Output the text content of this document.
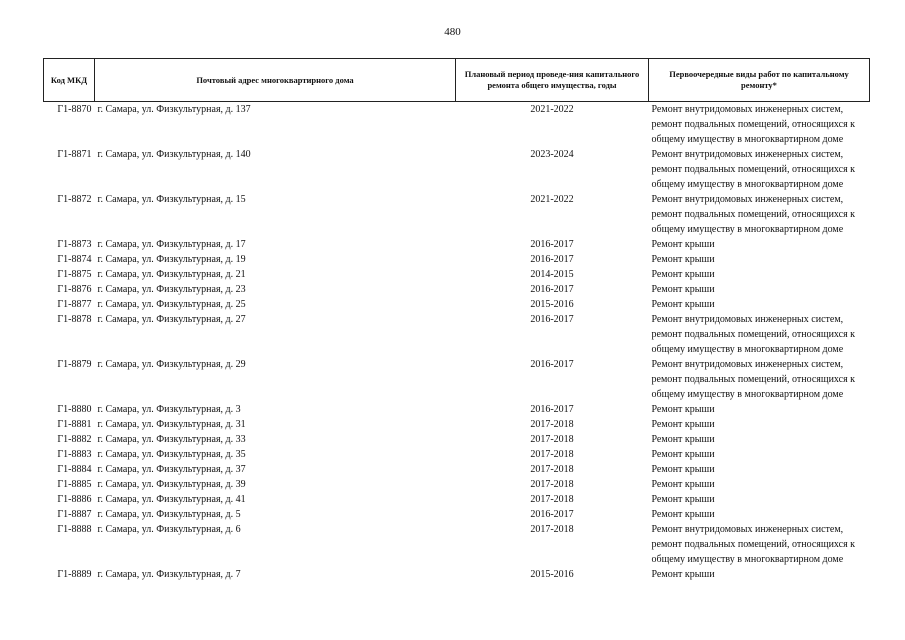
480
Код МКД	Почтовый адрес многоквартирного дома	Плановый период проведе-ния капитального ремонта общего имущества, годы	Первоочередные виды работ по капитальному ремонту*
Г1-8870	г. Самара, ул. Физкультурная, д. 137	2021-2022	Ремонт внутридомовых инженерных систем, ремонт подвальных помещений, относящихся к общему имуществу в многоквартирном доме
Г1-8871	г. Самара, ул. Физкультурная, д. 140	2023-2024	Ремонт внутридомовых инженерных систем, ремонт подвальных помещений, относящихся к общему имуществу в многоквартирном доме
Г1-8872	г. Самара, ул. Физкультурная, д. 15	2021-2022	Ремонт внутридомовых инженерных систем, ремонт подвальных помещений, относящихся к общему имуществу в многоквартирном доме
Г1-8873	г. Самара, ул. Физкультурная, д. 17	2016-2017	Ремонт крыши
Г1-8874	г. Самара, ул. Физкультурная, д. 19	2016-2017	Ремонт крыши
Г1-8875	г. Самара, ул. Физкультурная, д. 21	2014-2015	Ремонт крыши
Г1-8876	г. Самара, ул. Физкультурная, д. 23	2016-2017	Ремонт крыши
Г1-8877	г. Самара, ул. Физкультурная, д. 25	2015-2016	Ремонт крыши
Г1-8878	г. Самара, ул. Физкультурная, д. 27	2016-2017	Ремонт внутридомовых инженерных систем, ремонт подвальных помещений, относящихся к общему имуществу в многоквартирном доме
Г1-8879	г. Самара, ул. Физкультурная, д. 29	2016-2017	Ремонт внутридомовых инженерных систем, ремонт подвальных помещений, относящихся к общему имуществу в многоквартирном доме
Г1-8880	г. Самара, ул. Физкультурная, д. 3	2016-2017	Ремонт крыши
Г1-8881	г. Самара, ул. Физкультурная, д. 31	2017-2018	Ремонт крыши
Г1-8882	г. Самара, ул. Физкультурная, д. 33	2017-2018	Ремонт крыши
Г1-8883	г. Самара, ул. Физкультурная, д. 35	2017-2018	Ремонт крыши
Г1-8884	г. Самара, ул. Физкультурная, д. 37	2017-2018	Ремонт крыши
Г1-8885	г. Самара, ул. Физкультурная, д. 39	2017-2018	Ремонт крыши
Г1-8886	г. Самара, ул. Физкультурная, д. 41	2017-2018	Ремонт крыши
Г1-8887	г. Самара, ул. Физкультурная, д. 5	2016-2017	Ремонт крыши
Г1-8888	г. Самара, ул. Физкультурная, д. 6	2017-2018	Ремонт внутридомовых инженерных систем, ремонт подвальных помещений, относящихся к общему имуществу в многоквартирном доме
Г1-8889	г. Самара, ул. Физкультурная, д. 7	2015-2016	Ремонт крыши
